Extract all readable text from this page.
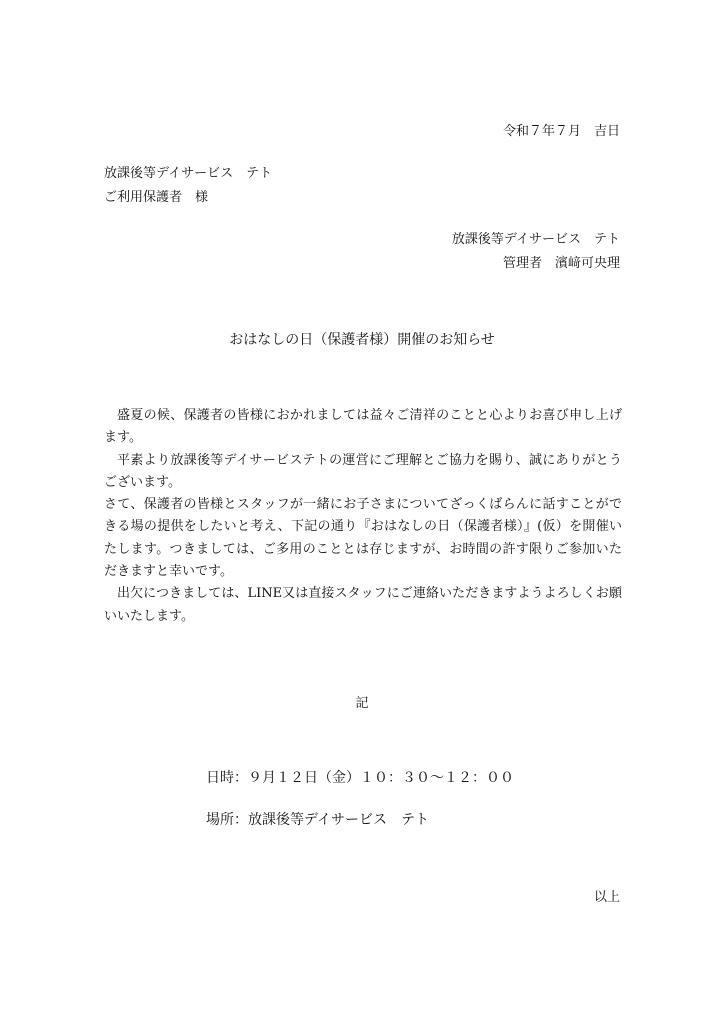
令和７年７月　吉日
放課後等デイサービス　テト
ご利用保護者　様
放課後等デイサービス　テト
管理者　濱﨑可央理
おはなしの日（保護者様）開催のお知らせ

盛夏の候、保護者の皆様におかれましては益々ご清祥のことと心よりお喜び申し上げます。

平素より放課後等デイサービステトの運営にご理解とご協力を賜り、誠にありがとうございます。

さて、保護者の皆様とスタッフが一緒にお子さまについてざっくばらんに話すことができる場の提供をしたいと考え、下記の通り『おはなしの日（保護者様）』(仮）を開催いたします。つきましては、ご多用のこととは存じますが、お時間の許す限りご参加いただきますと幸いです。

出欠につきましては、LINE又は直接スタッフにご連絡いただきますようよろしくお願いいたします。

記
日時：９月１２日（金）１０：３０～１２：００
場所：放課後等デイサービス　テト
以上
